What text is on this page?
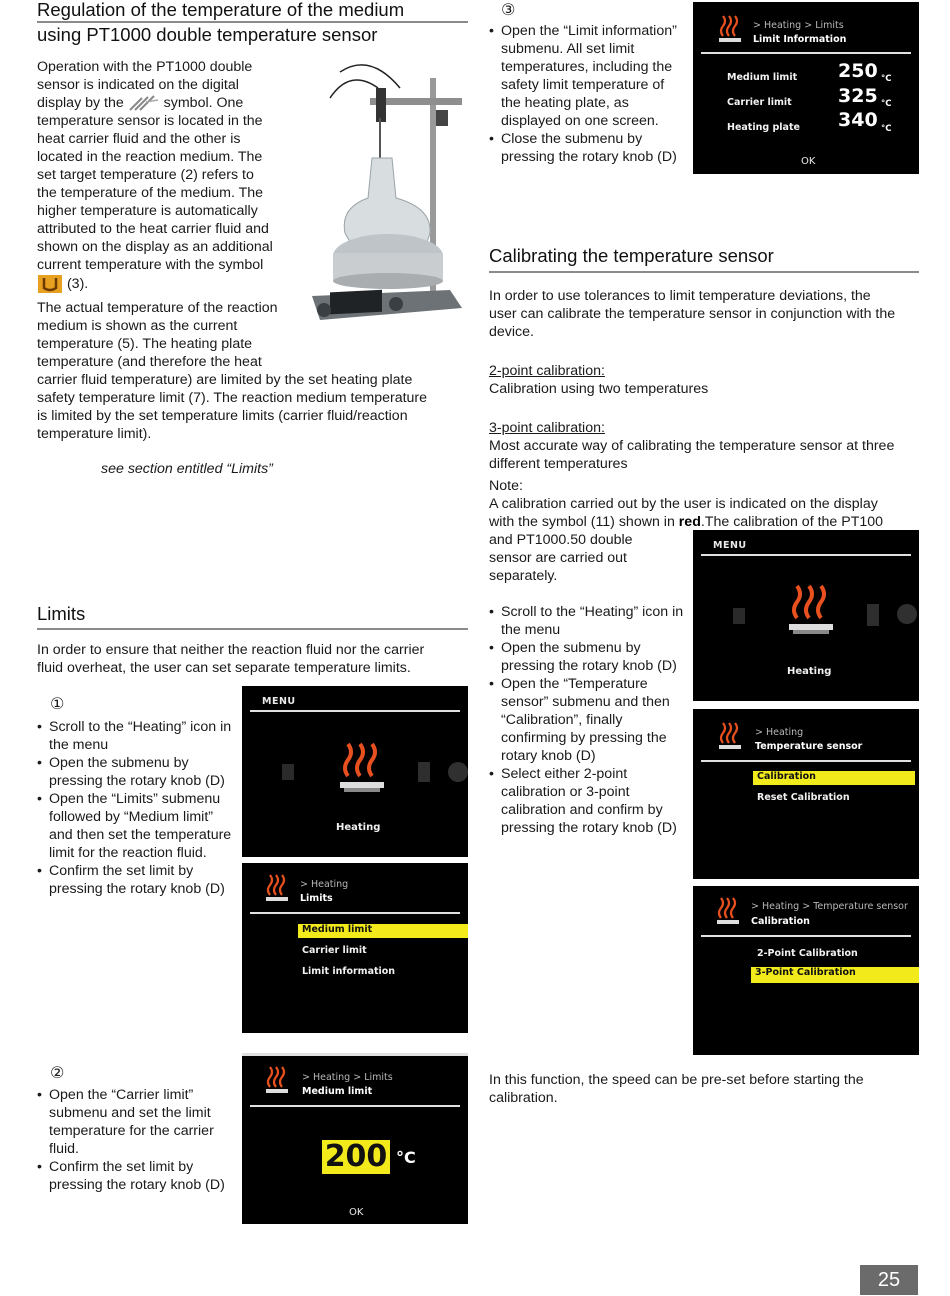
Regulation of the temperature of the medium
using PT1000 double temperature sensor

Operation with the PT1000 double

sensor is indicated on the digital

display by the	symbol. One

temperature sensor is located in the

heat carrier fluid and the other is

located in the reaction medium. The

set target temperature (2) refers to

the temperature of the medium. The

higher temperature is automatically

attributed to the heat carrier fluid and

shown on the display as an additional

current temperature with the symbol

(3).

The actual temperature of the reaction

medium is shown as the current

temperature (5). The heating plate

temperature (and therefore the heat

carrier fluid temperature) are limited by the set heating plate

safety temperature limit (7). The reaction medium temperature

is limited by the set temperature limits (carrier fluid/reaction

temperature limit).

see section entitled “Limits”

Limits

In order to ensure that neither the reaction fluid nor the carrier

fluid overheat, the user can set separate temperature limits.

①

• Scroll to the “Heating” icon in the menu
• Open the submenu by pressing the rotary knob (D)
• Open the “Limits” submenu followed by “Medium limit” and then set the temperature limit for the reaction fluid.
• Confirm the set limit by pressing the rotary knob (D)

②

• Open the “Carrier limit” submenu and set the limit temperature for the carrier fluid.
• Confirm the set limit by pressing the rotary knob (D)
MENU
Heating
> Heating
Limits
Medium limit
Carrier limit
Limit information
> Heating > Limits
Medium limit
200 °C
OK

③

• Open the “Limit information” submenu. All set limit temperatures, including the safety limit temperature of the heating plate, as displayed on one screen.
• Close the submenu by pressing the rotary knob (D)
> Heating > Limits
Limit Information
Medium limit 250 °C
Carrier limit 325 °C
Heating plate 340 °C
OK
Calibrating the temperature sensor

In order to use tolerances to limit temperature deviations, the

user can calibrate the temperature sensor in conjunction with the

device.

2-point calibration:

Calibration using two temperatures

3-point calibration:

Most accurate way of calibrating the temperature sensor at three

different temperatures

Note:

A calibration carried out by the user is indicated on the display

with the symbol (11) shown in red.The calibration of the PT100

and PT1000.50 double

sensor are carried out

separately.

• Scroll to the “Heating” icon in the menu
• Open the submenu by pressing the rotary knob (D)
• Open the “Temperature sensor” submenu and then “Calibration”, finally confirming by pressing the rotary knob (D)
• Select either 2-point calibration or 3-point calibration and confirm by pressing the rotary knob (D)
MENU
Heating
> Heating
Temperature sensor
Calibration
Reset Calibration
> Heating > Temperature sensor
Calibration
2-Point Calibration
3-Point Calibration

In this function, the speed can be pre-set before starting the

calibration.

25
